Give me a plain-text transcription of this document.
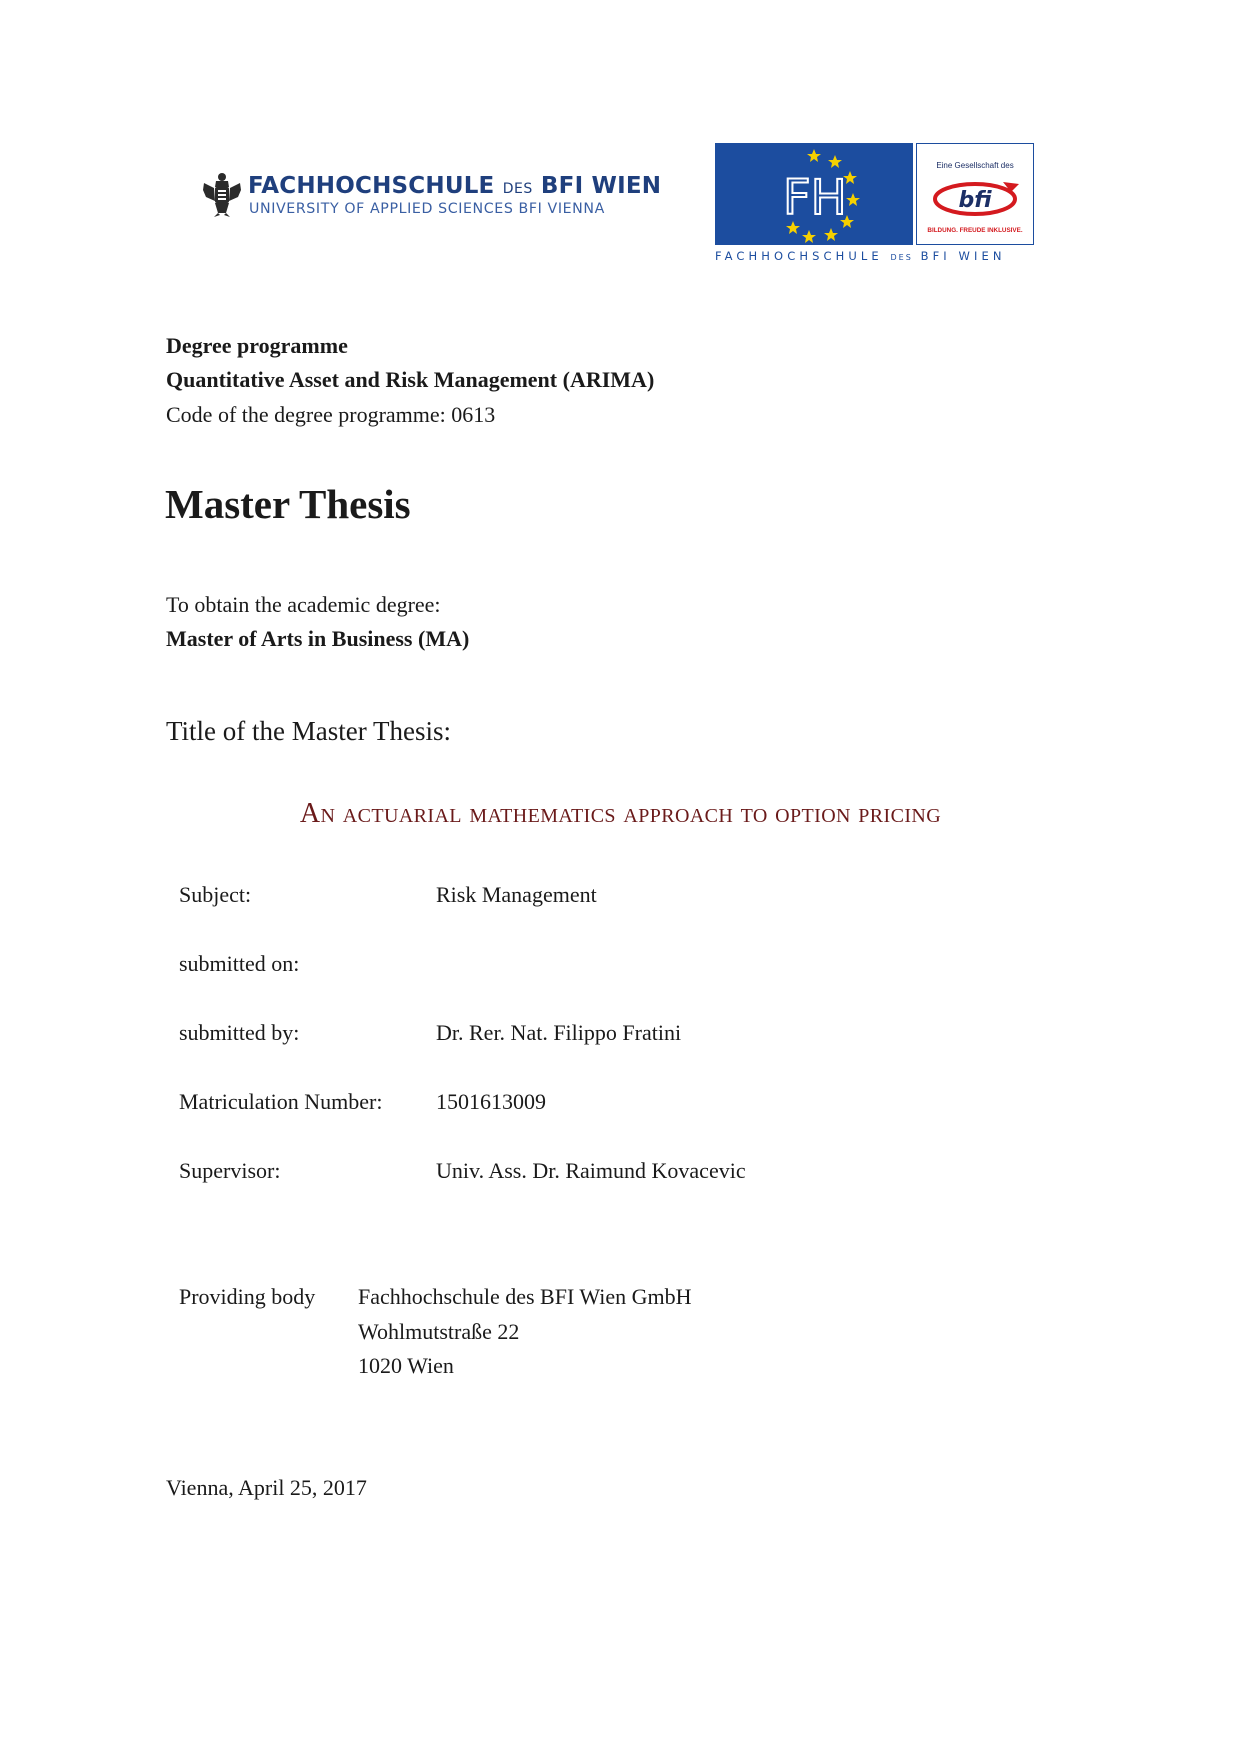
FACHHOCHSCHULE DES BFI WIEN
UNIVERSITY OF APPLIED SCIENCES BFI VIENNA	FH
Eine Gesellschaft des
bfi
BILDUNG. FREUDE INKLUSIVE.
FACHHOCHSCHULE DES BFI WIEN
Degree programme
Quantitative Asset and Risk Management (ARIMA)
Code of the degree programme: 0613
Master Thesis
To obtain the academic degree:
Master of Arts in Business (MA)
Title of the Master Thesis:
An actuarial mathematics approach to option pricing
Subject:	Risk Management
submitted on:
submitted by:	Dr. Rer. Nat. Filippo Fratini
Matriculation Number: 1501613009
Supervisor:	Univ. Ass. Dr. Raimund Kovacevic
Providing body Fachhochschule des BFI Wien GmbH
Wohlmutstraße 22
1020 Wien
Vienna, April 25, 2017
